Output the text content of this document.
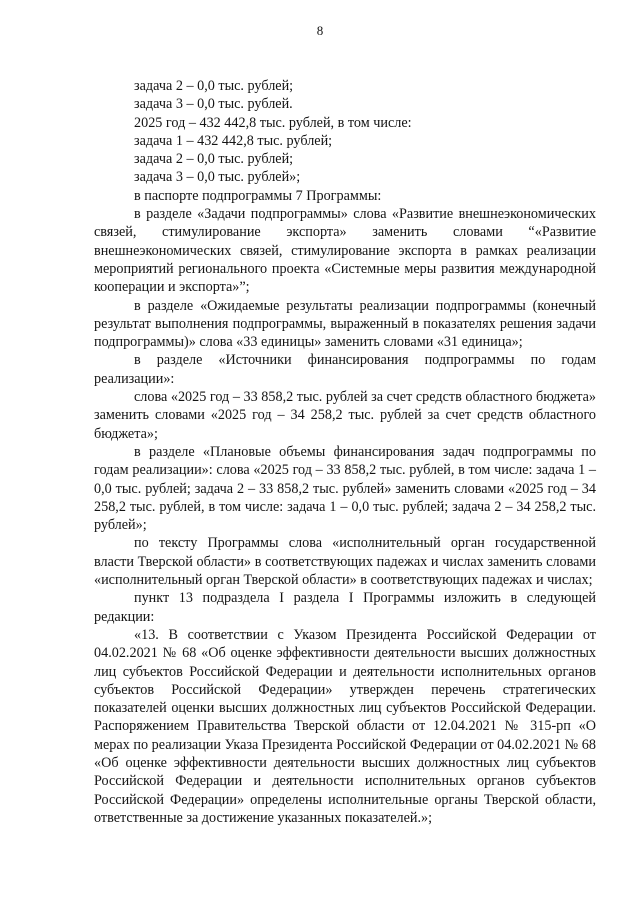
8

задача 2 – 0,0 тыс. рублей;

задача 3 – 0,0 тыс. рублей.

2025 год – 432 442,8 тыс. рублей, в том числе:

задача 1 – 432 442,8 тыс. рублей;

задача 2 – 0,0 тыс. рублей;

задача 3 – 0,0 тыс. рублей»;

в паспорте подпрограммы 7 Программы:

в разделе «Задачи подпрограммы» слова «Развитие внешнеэкономических связей, стимулирование экспорта» заменить словами “«Развитие внешнеэкономических связей, стимулирование экспорта в рамках реализации мероприятий регионального проекта «Системные меры развития международной кооперации и экспорта»”;

в разделе «Ожидаемые результаты реализации подпрограммы (конечный результат выполнения подпрограммы, выраженный в показателях решения задачи подпрограммы)» слова «33 единицы» заменить словами «31 единица»;

в разделе «Источники финансирования подпрограммы по годам реализации»:

слова «2025 год – 33 858,2 тыс. рублей за счет средств областного бюджета» заменить словами «2025 год – 34 258,2 тыс. рублей за счет средств областного бюджета»;

в разделе «Плановые объемы финансирования задач подпрограммы по годам реализации»: слова «2025 год – 33 858,2 тыс. рублей, в том числе: задача 1 – 0,0 тыс. рублей; задача 2 – 33 858,2 тыс. рублей» заменить словами «2025 год – 34 258,2 тыс. рублей, в том числе: задача 1 – 0,0 тыс. рублей; задача 2 – 34 258,2 тыс. рублей»;

по тексту Программы слова «исполнительный орган государственной власти Тверской области» в соответствующих падежах и числах заменить словами «исполнительный орган Тверской области» в соответствующих падежах и числах;

пункт 13 подраздела I раздела I Программы изложить в следующей редакции:

«13. В соответствии с Указом Президента Российской Федерации от 04.02.2021 № 68 «Об оценке эффективности деятельности высших должностных лиц субъектов Российской Федерации и деятельности исполнительных органов субъектов Российской Федерации» утвержден перечень стратегических показателей оценки высших должностных лиц субъектов Российской Федерации. Распоряжением Правительства Тверской области от 12.04.2021 № 315-рп «О мерах по реализации Указа Президента Российской Федерации от 04.02.2021 № 68 «Об оценке эффективности деятельности высших должностных лиц субъектов Российской Федерации и деятельности исполнительных органов субъектов Российской Федерации» определены исполнительные органы Тверской области, ответственные за достижение указанных показателей.»;
